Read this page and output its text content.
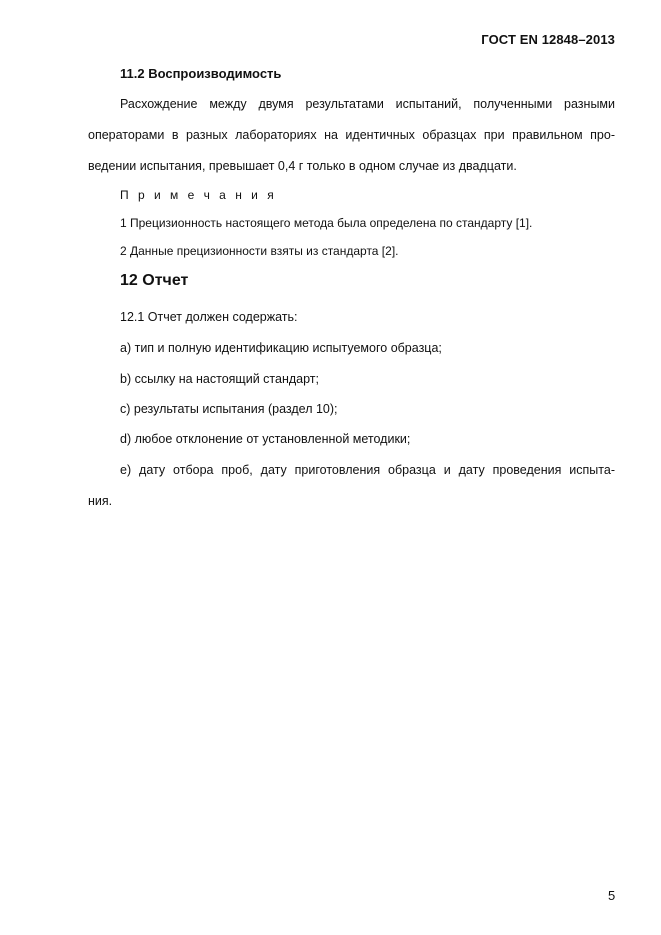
ГОСТ EN 12848–2013
11.2 Воспроизводимость
Расхождение между двумя результатами испытаний, полученными разными
операторами в разных лабораториях на идентичных образцах при правильном про-
ведении испытания, превышает 0,4 г только в одном случае из двадцати.
П р и м е ч а н и я
1 Прецизионность настоящего метода была определена по стандарту [1].
2 Данные прецизионности взяты из стандарта [2].
12 Отчет
12.1 Отчет должен содержать:
a) тип и полную идентификацию испытуемого образца;
b) ссылку на настоящий стандарт;
c) результаты испытания (раздел 10);
d) любое отклонение от установленной методики;
e) дату отбора проб, дату приготовления образца и дату проведения испыта-
ния.
5
